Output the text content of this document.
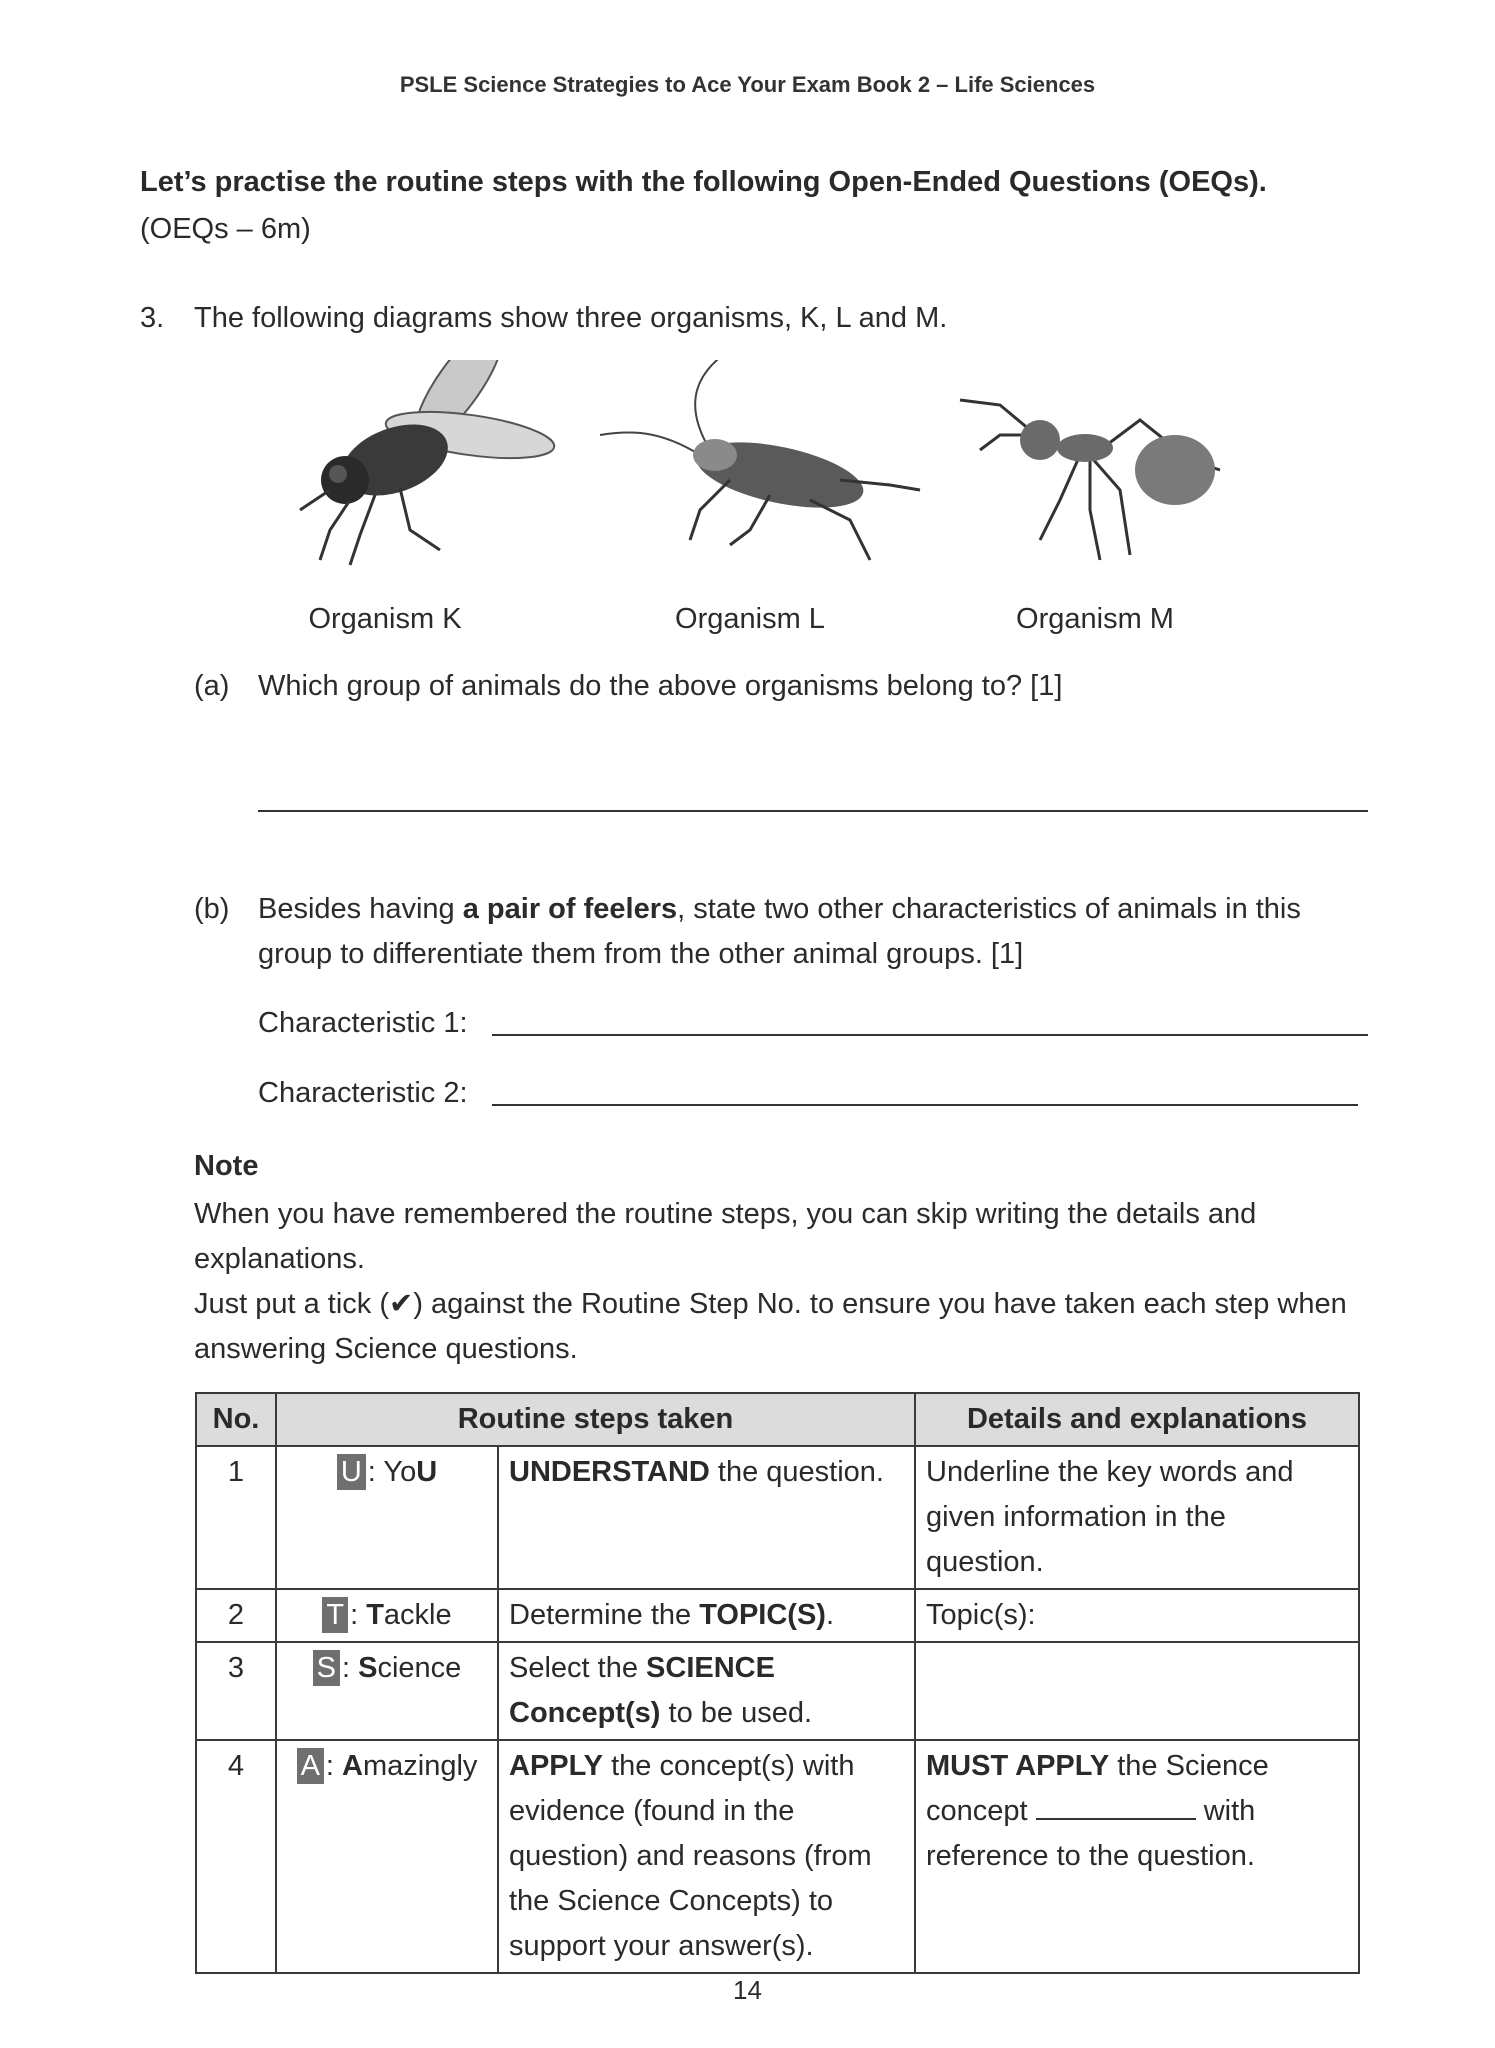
PSLE Science Strategies to Ace Your Exam Book 2 – Life Sciences
Let’s practise the routine steps with the following Open-Ended Questions (OEQs).
(OEQs – 6m)
3. The following diagrams show three organisms, K, L and M.
Organism K	Organism L	Organism M
(a) Which group of animals do the above organisms belong to? [1]
(b) Besides having a pair of feelers, state two other characteristics of animals in this group to differentiate them from the other animal groups. [1]
Characteristic 1:
Characteristic 2:
Note

When you have remembered the routine steps, you can skip writing the details and explanations.

Just put a tick (✔) against the Routine Step No. to ensure you have taken each step when answering Science questions.

No.	Routine steps taken		Details and explanations
1	U : YoU	UNDERSTAND the question.	Underline the key words and given information in the question.
2	T : Tackle	Determine the TOPIC(S).	Topic(s):
3	S : Science	Select the SCIENCE Concept(s) to be used.	
4	A : Amazingly	APPLY the concept(s) with evidence (found in the question) and reasons (from the Science Concepts) to support your answer(s).	MUST APPLY the Science concept with reference to the question.
14
